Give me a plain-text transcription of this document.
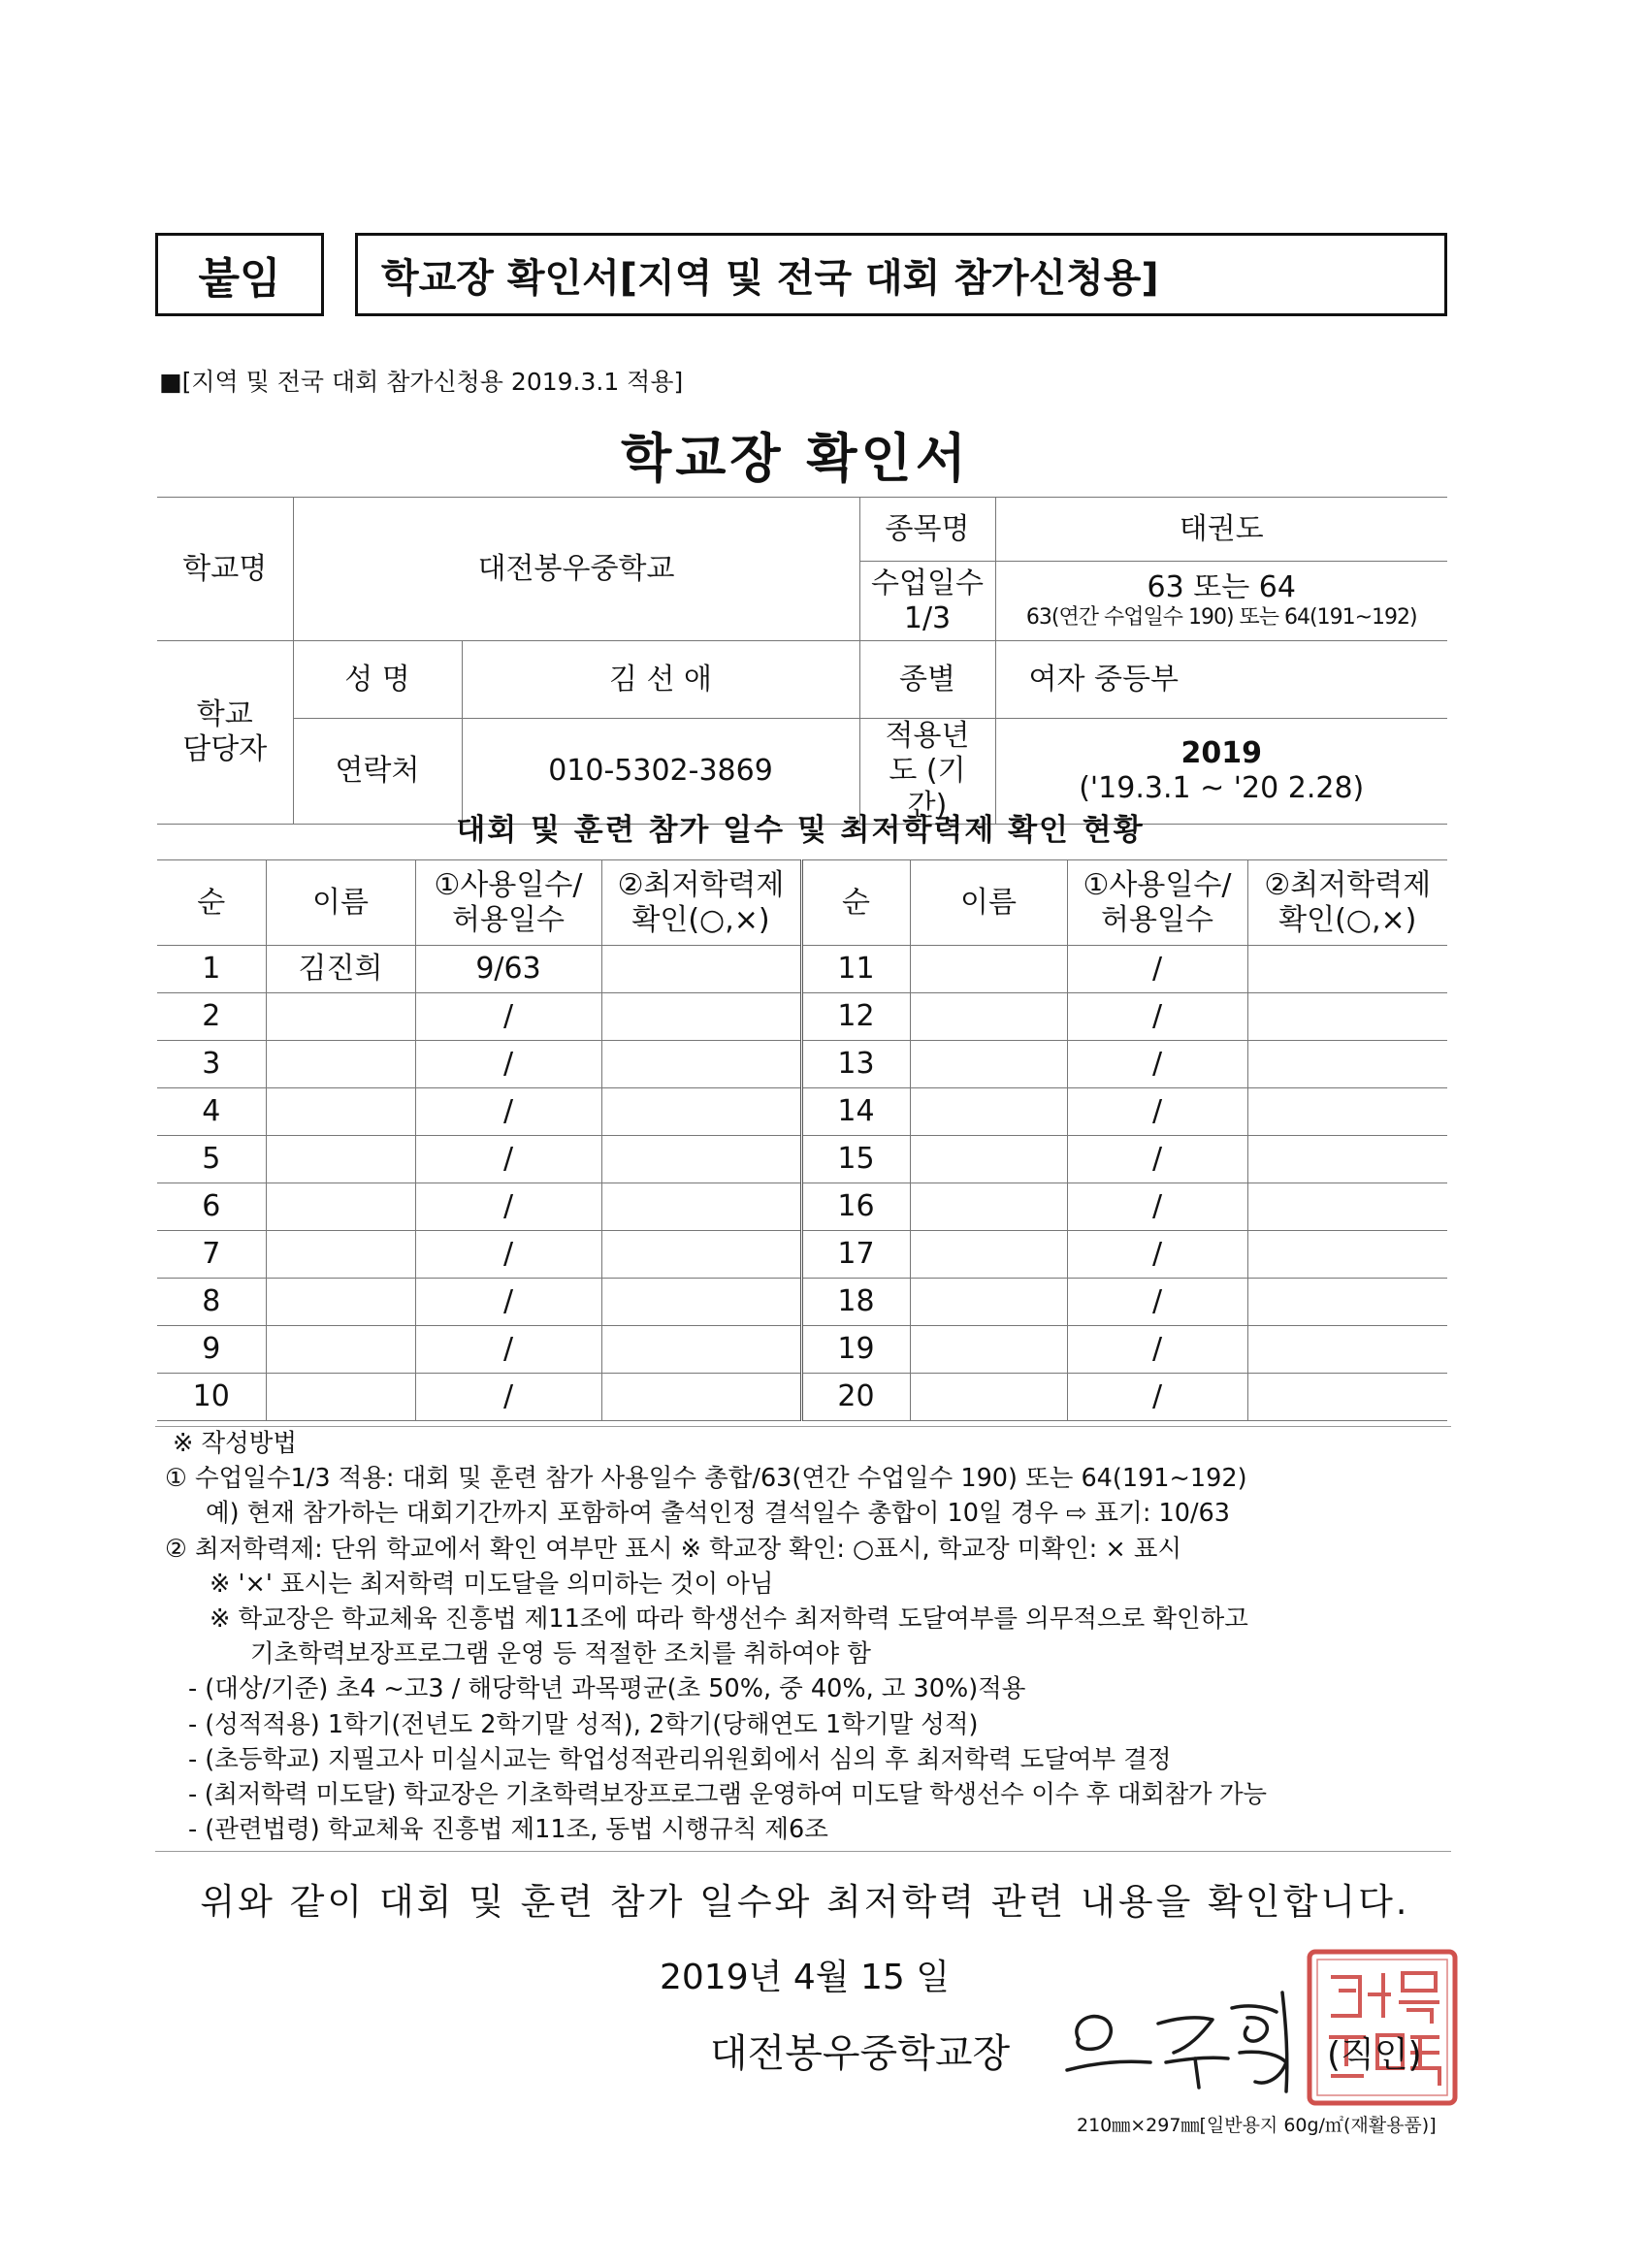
붙임	학교장 확인서[지역 및 전국 대회 참가신청용]
■[지역 및 전국 대회 참가신청용 2019.3.1 적용]
학교장 확인서
학교명	대전봉우중학교		종목명	태권도
			수업일수 1/3	63 또는 64
63(연간 수업일수 190) 또는 64(191~192)

학교 담당자	성 명	김 선 애	종별	여자 중등부
	연락처	010-5302-3869	적용년도 (기간)	2019
('19.3.1 ~ '20 2.28)
대회 및 훈련 참가 일수 및 최저학력제 확인 현황
순	이름	①사용일수/ 허용일수	②최저학력제 확인(○,×)	순	이름	①사용일수/ 허용일수	②최저학력제 확인(○,×)
1	김진희	9/63		11		/	
2		/		12		/	
3		/		13		/	
4		/		14		/	
5		/		15		/	
6		/		16		/	
7		/		17		/	
8		/		18		/	
9		/		19		/	
10		/		20		/	
※ 작성방법
① 수업일수1/3 적용: 대회 및 훈련 참가 사용일수 총합/63(연간 수업일수 190) 또는 64(191~192)
예) 현재 참가하는 대회기간까지 포함하여 출석인정 결석일수 총합이 10일 경우 ⇨ 표기: 10/63
② 최저학력제: 단위 학교에서 확인 여부만 표시 ※ 학교장 확인: ○표시, 학교장 미확인: × 표시
※ '×' 표시는 최저학력 미도달을 의미하는 것이 아님
※ 학교장은 학교체육 진흥법 제11조에 따라 학생선수 최저학력 도달여부를 의무적으로 확인하고
기초학력보장프로그램 운영 등 적절한 조치를 취하여야 함
- (대상/기준) 초4 ~고3 / 해당학년 과목평균(초 50%, 중 40%, 고 30%)적용
- (성적적용) 1학기(전년도 2학기말 성적), 2학기(당해연도 1학기말 성적)
- (초등학교) 지필고사 미실시교는 학업성적관리위원회에서 심의 후 최저학력 도달여부 결정
- (최저학력 미도달) 학교장은 기초학력보장프로그램 운영하여 미도달 학생선수 이수 후 대회참가 가능
- (관련법령) 학교체육 진흥법 제11조, 동법 시행규칙 제6조
위와 같이 대회 및 훈련 참가 일수와 최저학력 관련 내용을 확인합니다.
2019년 4월 15 일
대전봉우중학교장	(직인)
210㎜×297㎜[일반용지 60g/㎡(재활용품)]
